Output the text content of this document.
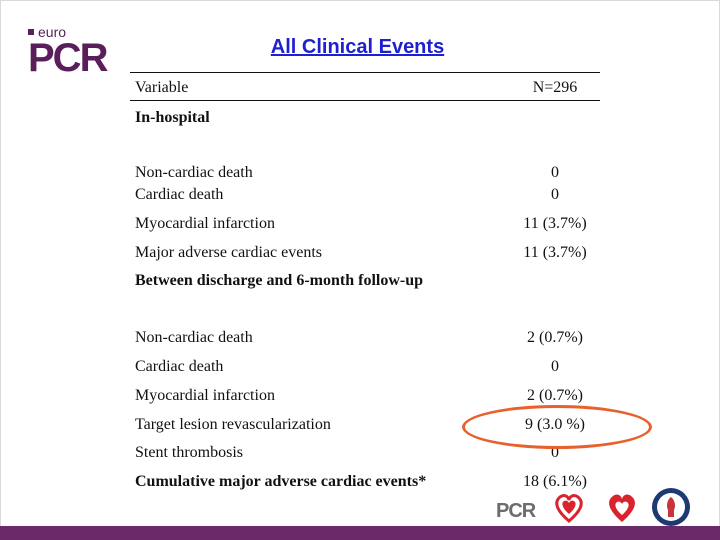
euro
PCR	All Clinical Events
Variable	N=296
In-hospital
Non-cardiac death	0
Cardiac death	0
Myocardial infarction	11 (3.7%)
Major adverse cardiac events	11 (3.7%)
Between discharge and 6-month follow-up
Non-cardiac death	2 (0.7%)
Cardiac death	0
Myocardial infarction	2 (0.7%)
Target lesion revascularization	9 (3.0 %)
Stent thrombosis	0
Cumulative major adverse cardiac events*	18 (6.1%)
PCR
